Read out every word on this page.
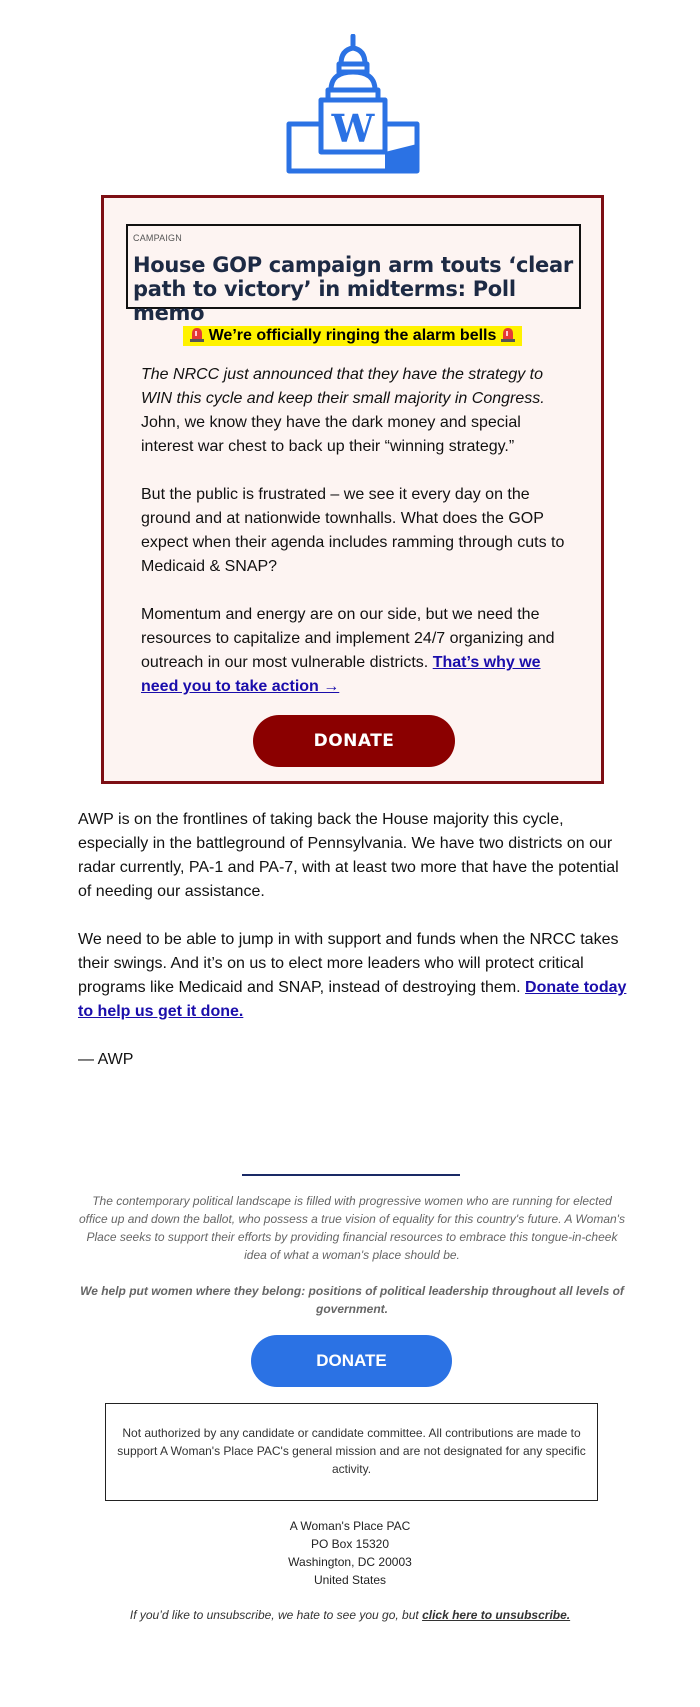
W
CAMPAIGN
House GOP campaign arm touts ‘clear path to victory’ in midterms: Poll memo
We’re officially ringing the alarm bells

The NRCC just announced that they have the strategy to WIN this cycle and keep their small majority in Congress. John, we know they have the dark money and special interest war chest to back up their “winning strategy.”

But the public is frustrated – we see it every day on the ground and at nationwide townhalls. What does the GOP expect when their agenda includes ramming through cuts to Medicaid & SNAP?

Momentum and energy are on our side, but we need the resources to capitalize and implement 24/7 organizing and outreach in our most vulnerable districts. That’s why we need you to take action →

DONATE

AWP is on the frontlines of taking back the House majority this cycle, especially in the battleground of Pennsylvania. We have two districts on our radar currently, PA-1 and PA-7, with at least two more that have the potential of needing our assistance.

We need to be able to jump in with support and funds when the NRCC takes their swings. And it’s on us to elect more leaders who will protect critical programs like Medicaid and SNAP, instead of destroying them. Donate today to help us get it done.

— AWP

The contemporary political landscape is filled with progressive women who are running for elected office up and down the ballot, who possess a true vision of equality for this country's future. A Woman's Place seeks to support their efforts by providing financial resources to embrace this tongue-in-cheek idea of what a woman's place should be.

We help put women where they belong: positions of political leadership throughout all levels of government.

DONATE
Not authorized by any candidate or candidate committee. All contributions are made to support A Woman's Place PAC's general mission and are not designated for any specific activity.
A Woman's Place PAC
PO Box 15320
Washington, DC 20003
United States
If you’d like to unsubscribe, we hate to see you go, but click here to unsubscribe.
